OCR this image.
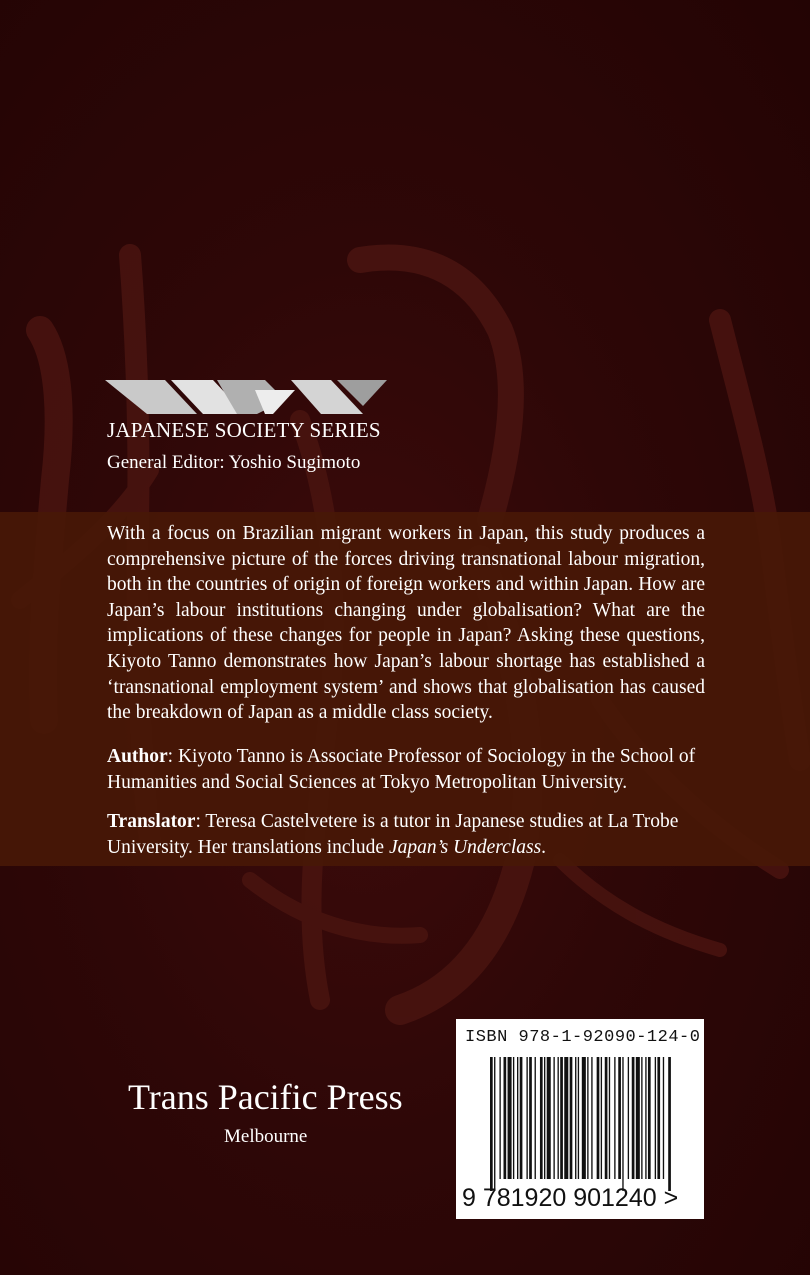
JAPANESE SOCIETY SERIES
General Editor: Yoshio Sugimoto

With a focus on Brazilian migrant workers in Japan, this study produces a comprehensive picture of the forces driving transnational labour migration, both in the countries of origin of foreign workers and within Japan. How are Japan’s labour institutions changing under globalisation? What are the implications of these changes for people in Japan? Asking these questions, Kiyoto Tanno demonstrates how Japan’s labour shortage has established a ‘transnational employment system’ and shows that globalisation has caused the breakdown of Japan as a middle class society.

Author: Kiyoto Tanno is Associate Professor of Sociology in the School of Humanities and Social Sciences at Tokyo Metropolitan University.

Translator: Teresa Castelvetere is a tutor in Japanese studies at La Trobe University. Her translations include Japan’s Underclass.

Trans Pacific Press
Melbourne
ISBN 978-1-92090-124-0
9 781920 901240 >
